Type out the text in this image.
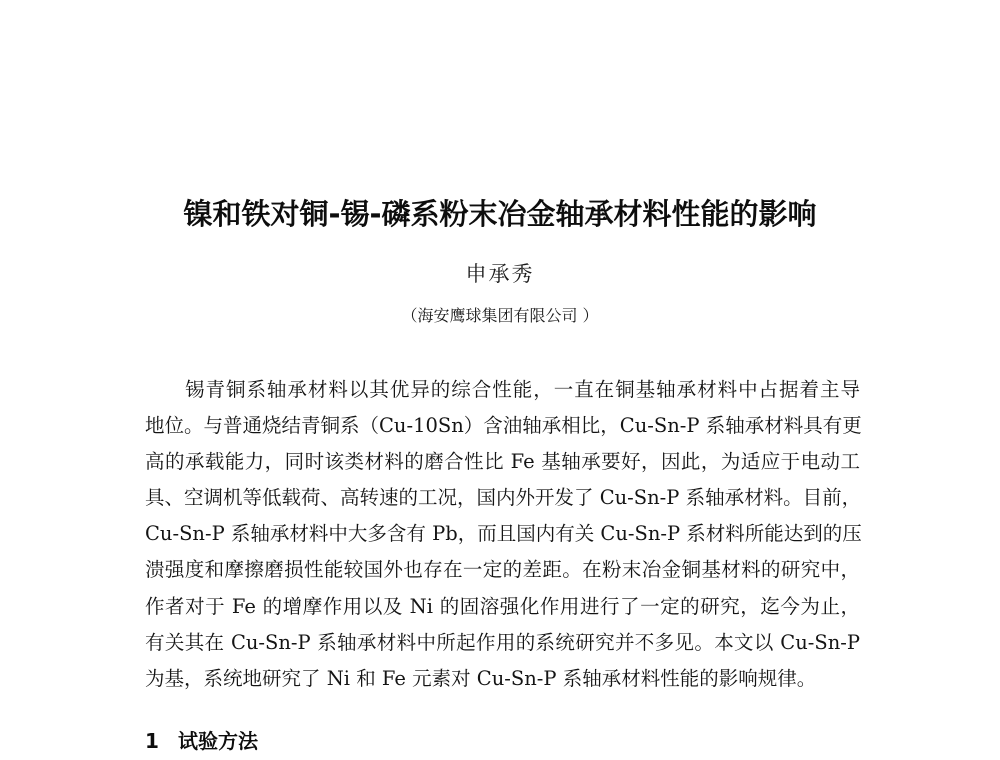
镍和铁对铜-锡-磷系粉末冶金轴承材料性能的影响
申承秀
（海安鹰球集团有限公司 ）
锡青铜系轴承材料以其优异的综合性能，一直在铜基轴承材料中占据着主导
地位。与普通烧结青铜系（Cu-10Sn）含油轴承相比，Cu-Sn-P 系轴承材料具有更
高的承载能力，同时该类材料的磨合性比 Fe 基轴承要好，因此，为适应于电动工
具、空调机等低载荷、高转速的工况，国内外开发了 Cu-Sn-P 系轴承材料。目前，
Cu-Sn-P 系轴承材料中大多含有 Pb，而且国内有关 Cu-Sn-P 系材料所能达到的压
溃强度和摩擦磨损性能较国外也存在一定的差距。在粉末冶金铜基材料的研究中，
作者对于 Fe 的增摩作用以及 Ni 的固溶强化作用进行了一定的研究，迄今为止，
有关其在 Cu-Sn-P 系轴承材料中所起作用的系统研究并不多见。本文以 Cu-Sn-P
为基，系统地研究了 Ni 和 Fe 元素对 Cu-Sn-P 系轴承材料性能的影响规律。
1 试验方法
